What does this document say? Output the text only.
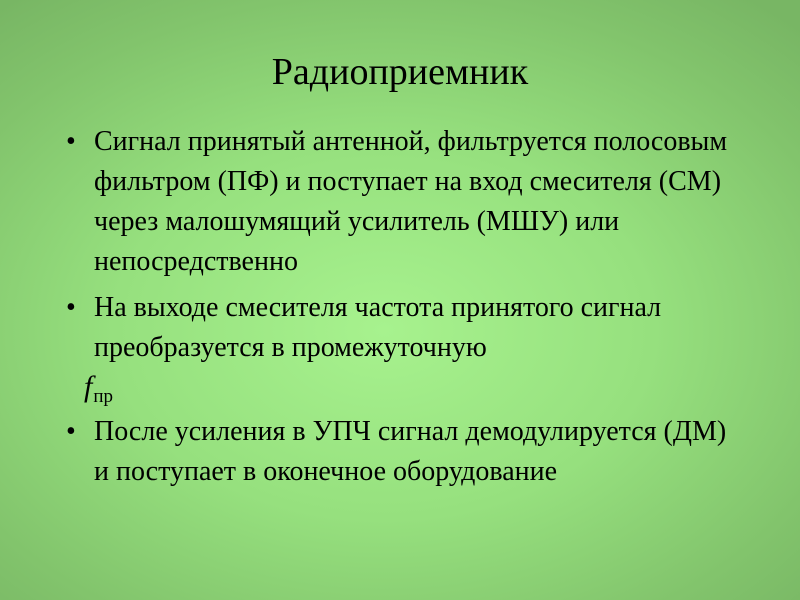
Радиоприемник
• Сигнал принятый антенной, фильтруется полосовым фильтром (ПФ) и поступает на вход смесителя (СМ) через малошумящий усилитель (МШУ) или непосредственно
• На выходе смесителя частота принятого сигнал преобразуется в промежуточную
$f_{пр}$
• После усиления в УПЧ сигнал демодулируется (ДМ) и поступает в оконечное оборудование
